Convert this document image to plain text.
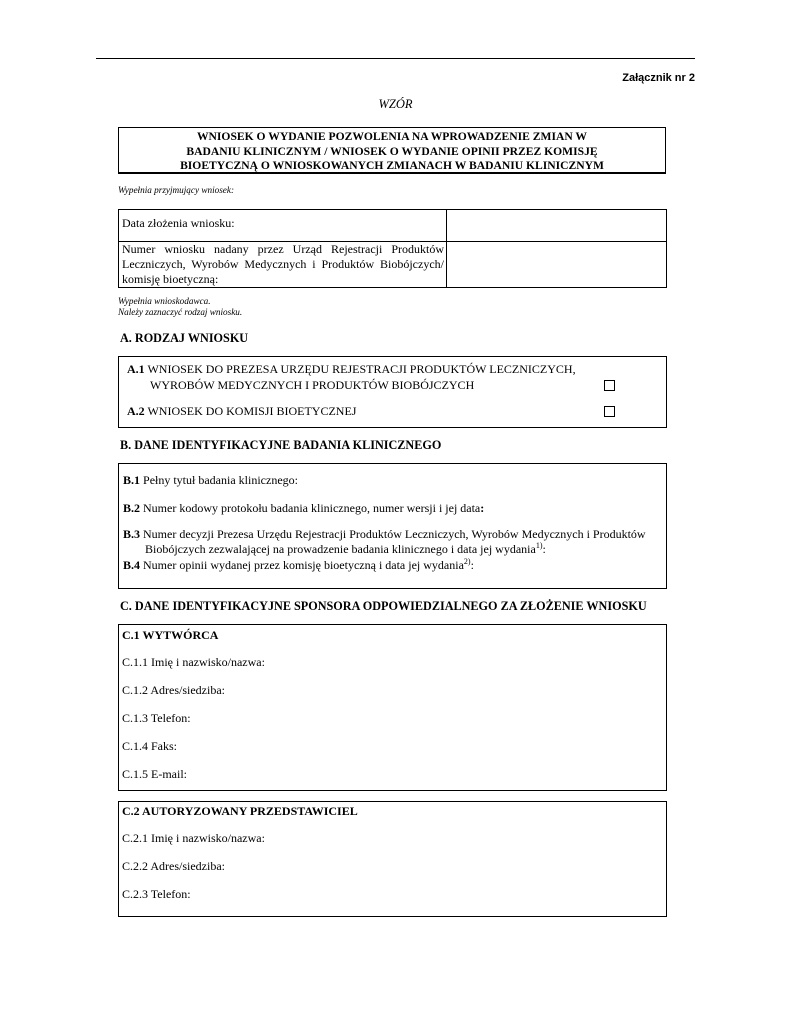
Załącznik nr 2
WZÓR
WNIOSEK O WYDANIE POZWOLENIA NA WPROWADZENIE ZMIAN W
BADANIU KLINICZNYM / WNIOSEK O WYDANIE OPINII PRZEZ KOMISJĘ
BIOETYCZNĄ O WNIOSKOWANYCH ZMIANACH W BADANIU KLINICZNYM
Wypełnia przyjmujący wniosek:
Data złożenia wniosku:	

Numer wniosku nadany przez Urząd Rejestracji Produktów
Leczniczych, Wyrobów Medycznych i Produktów Biobójczych/
komisję bioetyczną:	

Wypełnia wnioskodawca.
Należy zaznaczyć rodzaj wniosku.
A. RODZAJ WNIOSKU
A.1 WNIOSEK DO PREZESA URZĘDU REJESTRACJI PRODUKTÓW LECZNICZYCH,
WYROBÓW MEDYCZNYCH I PRODUKTÓW BIOBÓJCZYCH
A.2 WNIOSEK DO KOMISJI BIOETYCZNEJ
B. DANE IDENTYFIKACYJNE BADANIA KLINICZNEGO
B.1 Pełny tytuł badania klinicznego:
B.2 Numer kodowy protokołu badania klinicznego, numer wersji i jej data:
B.3 Numer decyzji Prezesa Urzędu Rejestracji Produktów Leczniczych, Wyrobów Medycznych i Produktów
Biobójczych zezwalającej na prowadzenie badania klinicznego i data jej wydania$^{1)}$:
B.4 Numer opinii wydanej przez komisję bioetyczną i data jej wydania$^{2)}$:
C. DANE IDENTYFIKACYJNE SPONSORA ODPOWIEDZIALNEGO ZA ZŁOŻENIE WNIOSKU
C.1 WYTWÓRCA
C.1.1 Imię i nazwisko/nazwa:
C.1.2 Adres/siedziba:
C.1.3 Telefon:
C.1.4 Faks:
C.1.5 E-mail:
C.2 AUTORYZOWANY PRZEDSTAWICIEL
C.2.1 Imię i nazwisko/nazwa:
C.2.2 Adres/siedziba:
C.2.3 Telefon:
